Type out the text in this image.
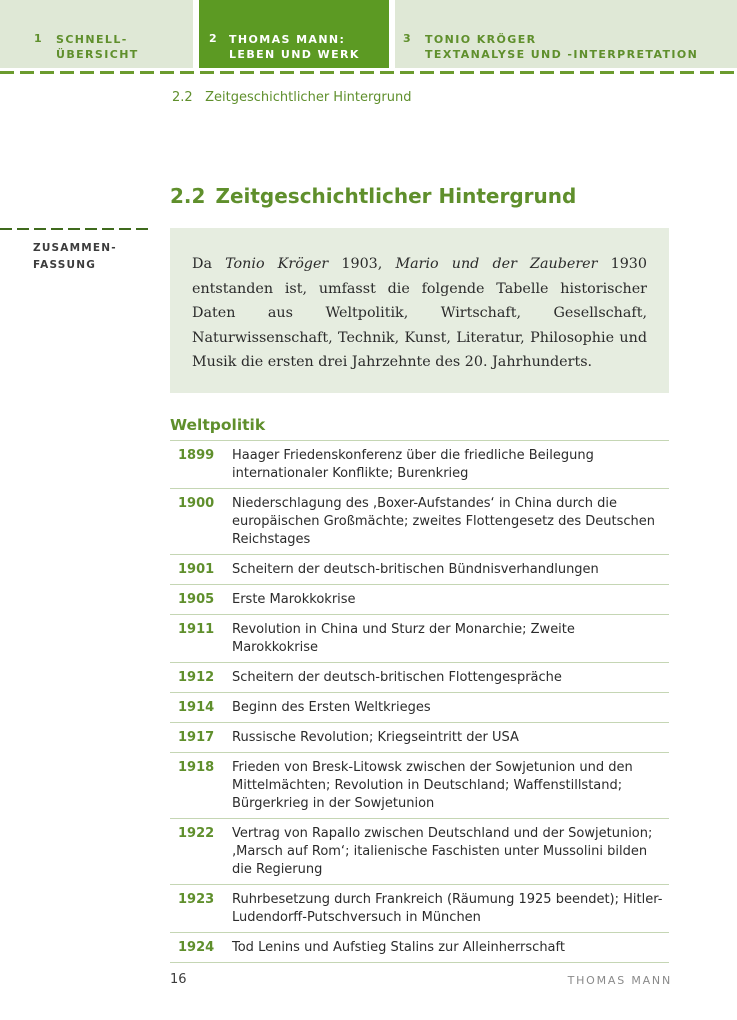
1 SCHNELL-
ÜBERSICHT
2 THOMAS MANN:
LEBEN UND WERK
3 TONIO KRÖGER
TEXTANALYSE UND -INTERPRETATION
2.2 Zeitgeschichtlicher Hintergrund
2.2 Zeitgeschichtlicher Hintergrund
ZUSAMMEN-
FASSUNG	Da Tonio Kröger 1903, Mario und der Zauberer 1930 entstanden ist, umfasst die folgende Tabelle historischer Daten aus Weltpolitik, Wirtschaft, Gesellschaft, Naturwissenschaft, Technik, Kunst, Literatur, Philosophie und Musik die ersten drei Jahrzehnte des 20. Jahrhunderts.
Weltpolitik
1899	Haager Friedenskonferenz über die friedliche Beilegung internationaler Konflikte; Burenkrieg
1900	Niederschlagung des ‚Boxer-Aufstandes‘ in China durch die europäischen Großmächte; zweites Flottengesetz des Deutschen Reichstages
1901	Scheitern der deutsch-britischen Bündnisverhandlungen
1905	Erste Marokkokrise
1911	Revolution in China und Sturz der Monarchie; Zweite Marokkokrise
1912	Scheitern der deutsch-britischen Flottengespräche
1914	Beginn des Ersten Weltkrieges
1917	Russische Revolution; Kriegseintritt der USA
1918	Frieden von Bresk-Litowsk zwischen der Sowjetunion und den Mittelmächten; Revolution in Deutschland; Waffenstillstand; Bürgerkrieg in der Sowjetunion
1922	Vertrag von Rapallo zwischen Deutschland und der Sowjetunion; ‚Marsch auf Rom‘; italienische Faschisten unter Mussolini bilden die Regierung
1923	Ruhrbesetzung durch Frankreich (Räumung 1925 beendet); Hitler-Ludendorff-Putschversuch in München
1924	Tod Lenins und Aufstieg Stalins zur Alleinherrschaft
16	THOMAS MANN
